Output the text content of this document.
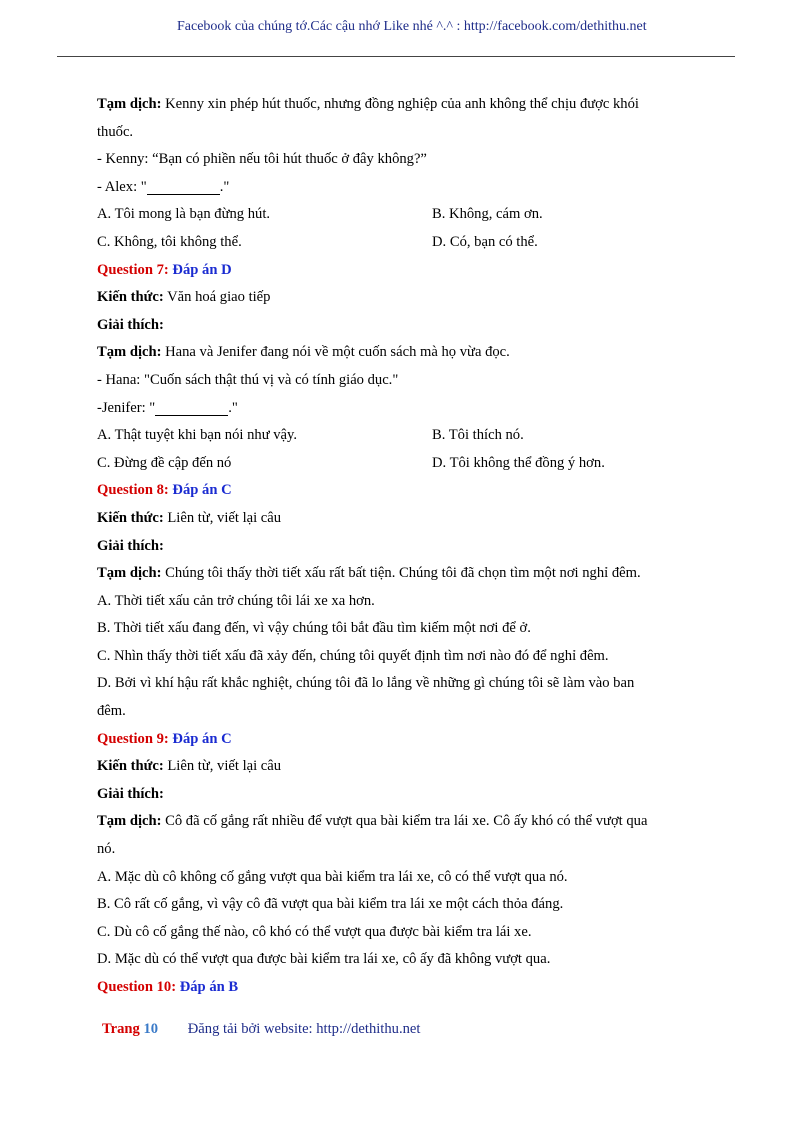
Facebook của chúng tớ.Các cậu nhớ Like nhé ^.^ : http://facebook.com/dethithu.net
Tạm dịch: Kenny xin phép hút thuốc, nhưng đồng nghiệp của anh không thể chịu được khói
thuốc.
- Kenny: “Bạn có phiền nếu tôi hút thuốc ở đây không?”
- Alex: "	."
A. Tôi mong là bạn đừng hút.	B. Không, cám ơn.
C. Không, tôi không thể.	D. Có, bạn có thể.
Question 7: Đáp án D
Kiến thức: Văn hoá giao tiếp
Giải thích:
Tạm dịch: Hana và Jenifer đang nói về một cuốn sách mà họ vừa đọc.
- Hana: "Cuốn sách thật thú vị và có tính giáo dục."
-Jenifer: "	."
A. Thật tuyệt khi bạn nói như vậy.	B. Tôi thích nó.
C. Đừng đề cập đến nó	D. Tôi không thể đồng ý hơn.
Question 8: Đáp án C
Kiến thức: Liên từ, viết lại câu
Giải thích:
Tạm dịch: Chúng tôi thấy thời tiết xấu rất bất tiện. Chúng tôi đã chọn tìm một nơi nghỉ đêm.
A. Thời tiết xấu cản trở chúng tôi lái xe xa hơn.
B. Thời tiết xấu đang đến, vì vậy chúng tôi bắt đầu tìm kiếm một nơi để ở.
C. Nhìn thấy thời tiết xấu đã xảy đến, chúng tôi quyết định tìm nơi nào đó để nghỉ đêm.
D. Bởi vì khí hậu rất khắc nghiệt, chúng tôi đã lo lắng về những gì chúng tôi sẽ làm vào ban
đêm.
Question 9: Đáp án C
Kiến thức: Liên từ, viết lại câu
Giải thích:
Tạm dịch: Cô đã cố gắng rất nhiều để vượt qua bài kiểm tra lái xe. Cô ấy khó có thể vượt qua
nó.
A. Mặc dù cô không cố gắng vượt qua bài kiểm tra lái xe, cô có thể vượt qua nó.
B. Cô rất cố gắng, vì vậy cô đã vượt qua bài kiểm tra lái xe một cách thỏa đáng.
C. Dù cô cố gắng thế nào, cô khó có thể vượt qua được bài kiểm tra lái xe.
D. Mặc dù có thể vượt qua được bài kiểm tra lái xe, cô ấy đã không vượt qua.
Question 10: Đáp án B
Trang 10 Đăng tải bởi website: http://dethithu.net
